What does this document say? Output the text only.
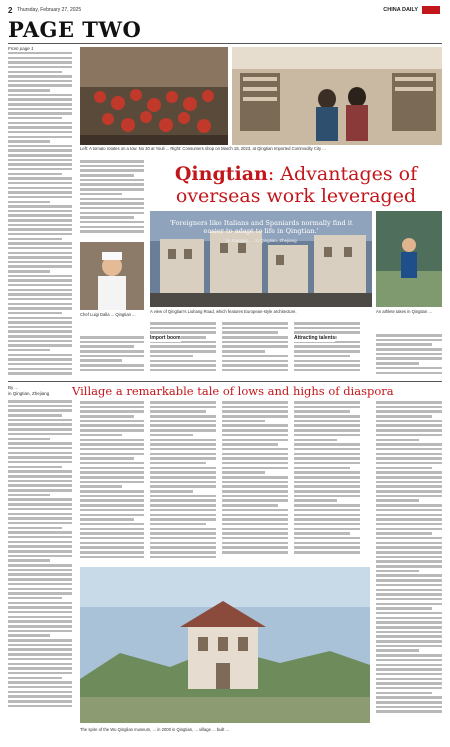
2 Thursday, February 27, 2025	CHINA DAILY
PAGE TWO
From page 1
Left: A tomato rotates on a tow. No 30 at Youli ... Right: Consumers shop on March 18, 2023, at Qingtian Imported Commodity City ...
Qingtian: Advantages of
overseas work leveraged
'Foreigners like Italians and Spaniards normally find it easier to adapt to life in Qingtian.'
Ye Xiaoyan, ... in Qingtian, Zhejiang
An athlete takes in Qingtian ...
Chef Luigi Dalla ... Qingtian ...
A view of Qingtian's Liuhang Road, which features European-style architecture.
Import boom	Attracting talents
Village a remarkable tale of lows and highs of diaspora
By ...
in Qingtian, Zhejiang
The spire of the Wu Qinglian museum, ... in 2000 in Qingtian, ... village ... built ...
